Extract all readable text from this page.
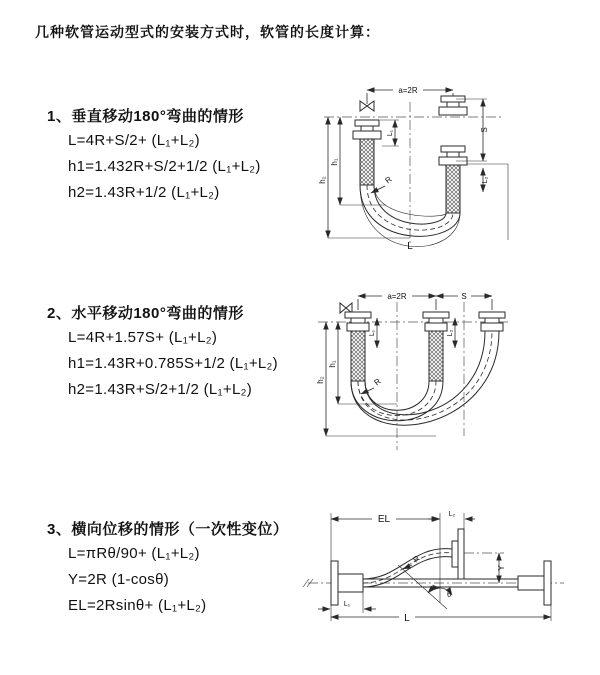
几种软管运动型式的安装方式时，软管的长度计算：
1、垂直移动180°弯曲的情形
L=4R+S/2+ (L₁+L₂)
h1=1.432R+S/2+1/2 (L₁+L₂)
h2=1.43R+1/2 (L₁+L₂)
2、水平移动180°弯曲的情形
L=4R+1.57S+ (L₁+L₂)
h1=1.43R+0.785S+1/2 (L₁+L₂)
h2=1.43R+S/2+1/2 (L₁+L₂)
3、横向位移的情形（一次性变位）
L=πRθ/90+ (L₁+L₂)
Y=2R (1-cosθ)
EL=2Rsinθ+ (L₁+L₂)
a=2R
h₂
h₁
L₁	S
L₂
R
L
a=2R	S
h₂
h₁
L₁	L₂
R
EL	L₂
R
θ
Y
L₁
L
